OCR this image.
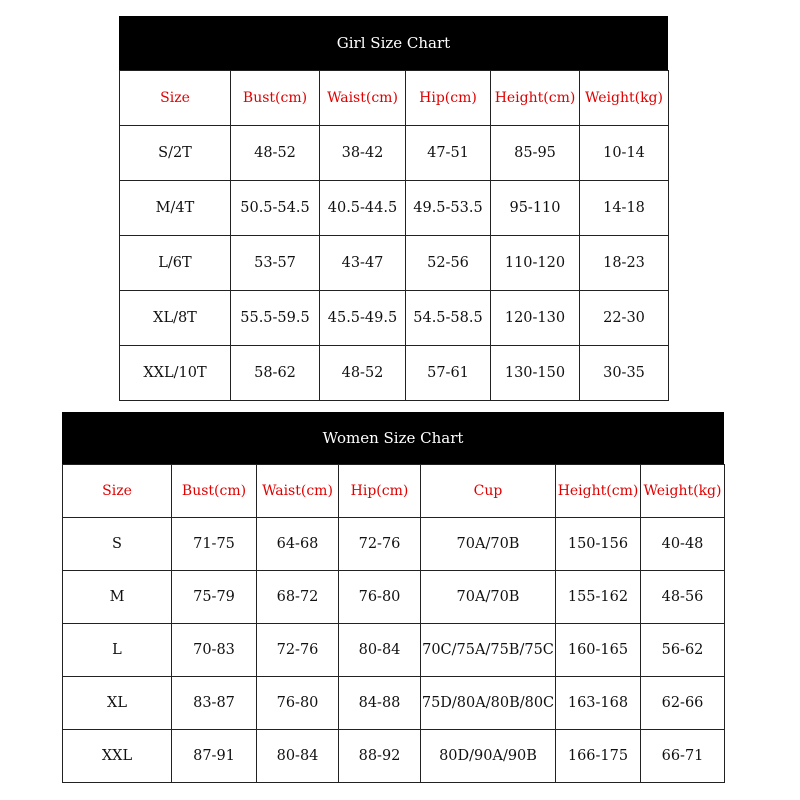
Girl Size Chart
Size	Bust(cm)	Waist(cm)	Hip(cm)	Height(cm)	Weight(kg)
S/2T	48-52	38-42	47-51	85-95	10-14
M/4T	50.5-54.5	40.5-44.5	49.5-53.5	95-110	14-18
L/6T	53-57	43-47	52-56	110-120	18-23
XL/8T	55.5-59.5	45.5-49.5	54.5-58.5	120-130	22-30
XXL/10T	58-62	48-52	57-61	130-150	30-35
Women Size Chart
Size	Bust(cm)	Waist(cm)	Hip(cm)	Cup	Height(cm)	Weight(kg)
S	71-75	64-68	72-76	70A/70B	150-156	40-48
M	75-79	68-72	76-80	70A/70B	155-162	48-56
L	70-83	72-76	80-84	70C/75A/75B/75C	160-165	56-62
XL	83-87	76-80	84-88	75D/80A/80B/80C	163-168	62-66
XXL	87-91	80-84	88-92	80D/90A/90B	166-175	66-71
